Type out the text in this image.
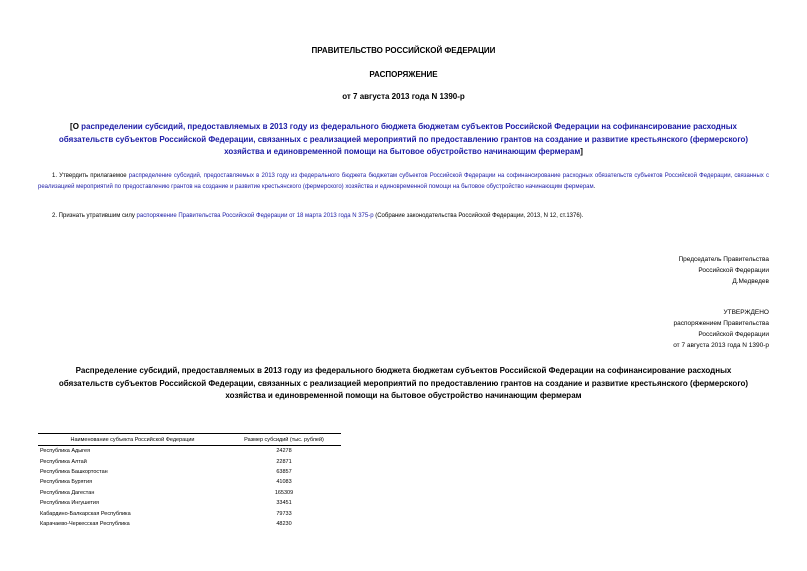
ПРАВИТЕЛЬСТВО РОССИЙСКОЙ ФЕДЕРАЦИИ
РАСПОРЯЖЕНИЕ
от 7 августа 2013 года N 1390-р
[О распределении субсидий, предоставляемых в 2013 году из федерального бюджета бюджетам субъектов Российской Федерации на софинансирование расходных обязательств субъектов Российской Федерации, связанных с реализацией мероприятий по предоставлению грантов на создание и развитие крестьянского (фермерского) хозяйства и единовременной помощи на бытовое обустройство начинающим фермерам]
1. Утвердить прилагаемое распределение субсидий, предоставляемых в 2013 году из федерального бюджета бюджетам субъектов Российской Федерации на софинансирование расходных обязательств субъектов Российской Федерации, связанных с реализацией мероприятий по предоставлению грантов на создание и развитие крестьянского (фермерского) хозяйства и единовременной помощи на бытовое обустройство начинающим фермерам.
2. Признать утратившим силу распоряжение Правительства Российской Федерации от 18 марта 2013 года N 375-р (Собрание законодательства Российской Федерации, 2013, N 12, ст.1376).
Председатель Правительства
Российской Федерации
Д.Медведев
УТВЕРЖДЕНО
распоряжением Правительства
Российской Федерации
от 7 августа 2013 года N 1390-р
Распределение субсидий, предоставляемых в 2013 году из федерального бюджета бюджетам субъектов Российской Федерации на софинансирование расходных обязательств субъектов Российской Федерации, связанных с реализацией мероприятий по предоставлению грантов на создание и развитие крестьянского (фермерского) хозяйства и единовременной помощи на бытовое обустройство начинающим фермерам
Наименование субъекта Российской Федерации	Размер субсидий (тыс. рублей)
Республика Адыгея	24278
Республика Алтай	22871
Республика Башкортостан	63857
Республика Бурятия	41083
Республика Дагестан	165309
Республика Ингушетия	33451
Кабардино-Балкарская Республика	79733
Карачаево-Черкесская Республика	48230
